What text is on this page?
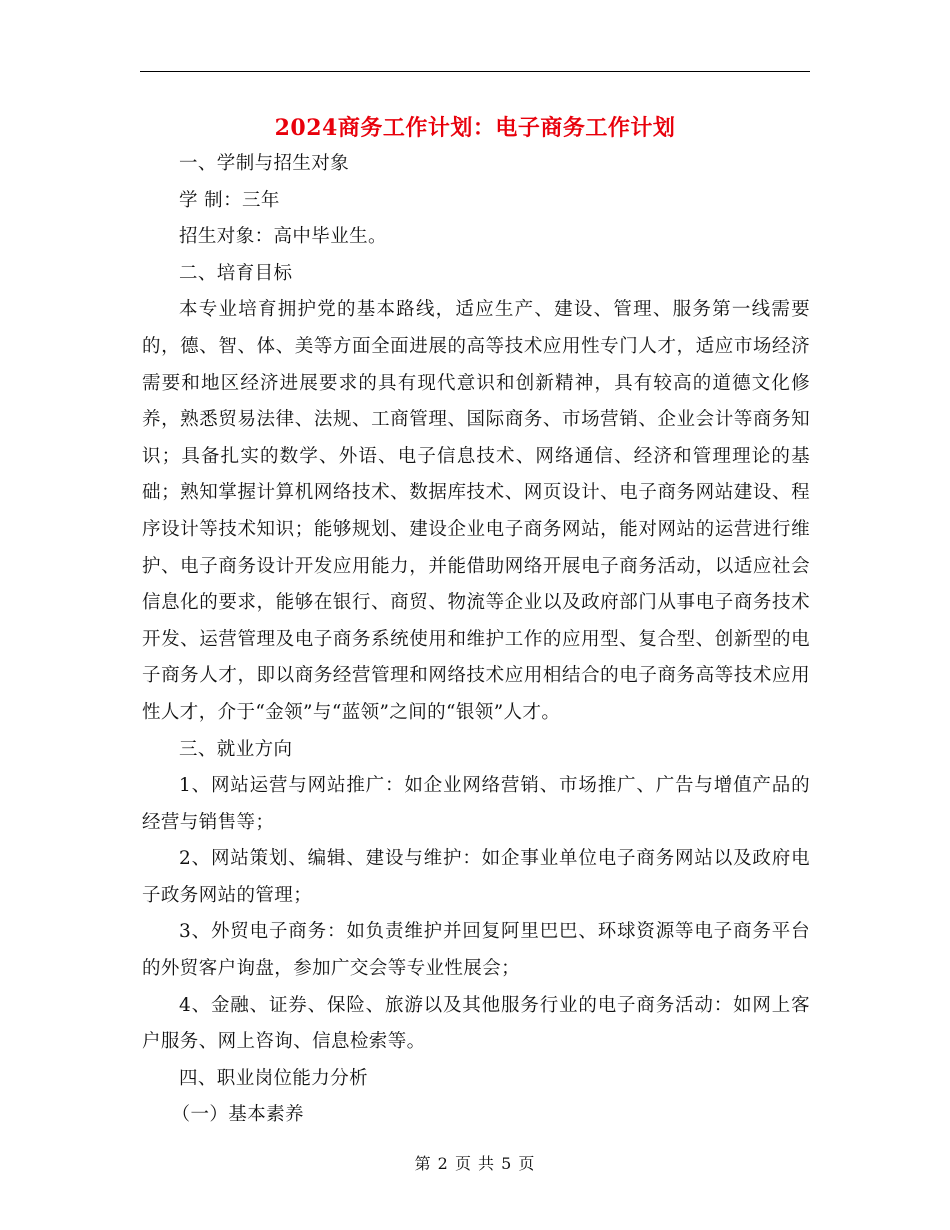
2024商务工作计划：电子商务工作计划

一、学制与招生对象

学 制：三年

招生对象：高中毕业生。

二、培育目标

本专业培育拥护党的基本路线，适应生产、建设、管理、服务第一线需要的，德、智、体、美等方面全面进展的高等技术应用性专门人才，适应市场经济需要和地区经济进展要求的具有现代意识和创新精神，具有较高的道德文化修养，熟悉贸易法律、法规、工商管理、国际商务、市场营销、企业会计等商务知识；具备扎实的数学、外语、电子信息技术、网络通信、经济和管理理论的基础；熟知掌握计算机网络技术、数据库技术、网页设计、电子商务网站建设、程序设计等技术知识；能够规划、建设企业电子商务网站，能对网站的运营进行维护、电子商务设计开发应用能力，并能借助网络开展电子商务活动，以适应社会信息化的要求，能够在银行、商贸、物流等企业以及政府部门从事电子商务技术开发、运营管理及电子商务系统使用和维护工作的应用型、复合型、创新型的电子商务人才，即以商务经营管理和网络技术应用相结合的电子商务高等技术应用性人才，介于“金领”与“蓝领”之间的“银领”人才。

三、就业方向

1、网站运营与网站推广：如企业网络营销、市场推广、广告与增值产品的经营与销售等；

2、网站策划、编辑、建设与维护：如企事业单位电子商务网站以及政府电子政务网站的管理；

3、外贸电子商务：如负责维护并回复阿里巴巴、环球资源等电子商务平台的外贸客户询盘，参加广交会等专业性展会；

4、金融、证券、保险、旅游以及其他服务行业的电子商务活动：如网上客户服务、网上咨询、信息检索等。

四、职业岗位能力分析

（一）基本素养

第 2 页 共 5 页
